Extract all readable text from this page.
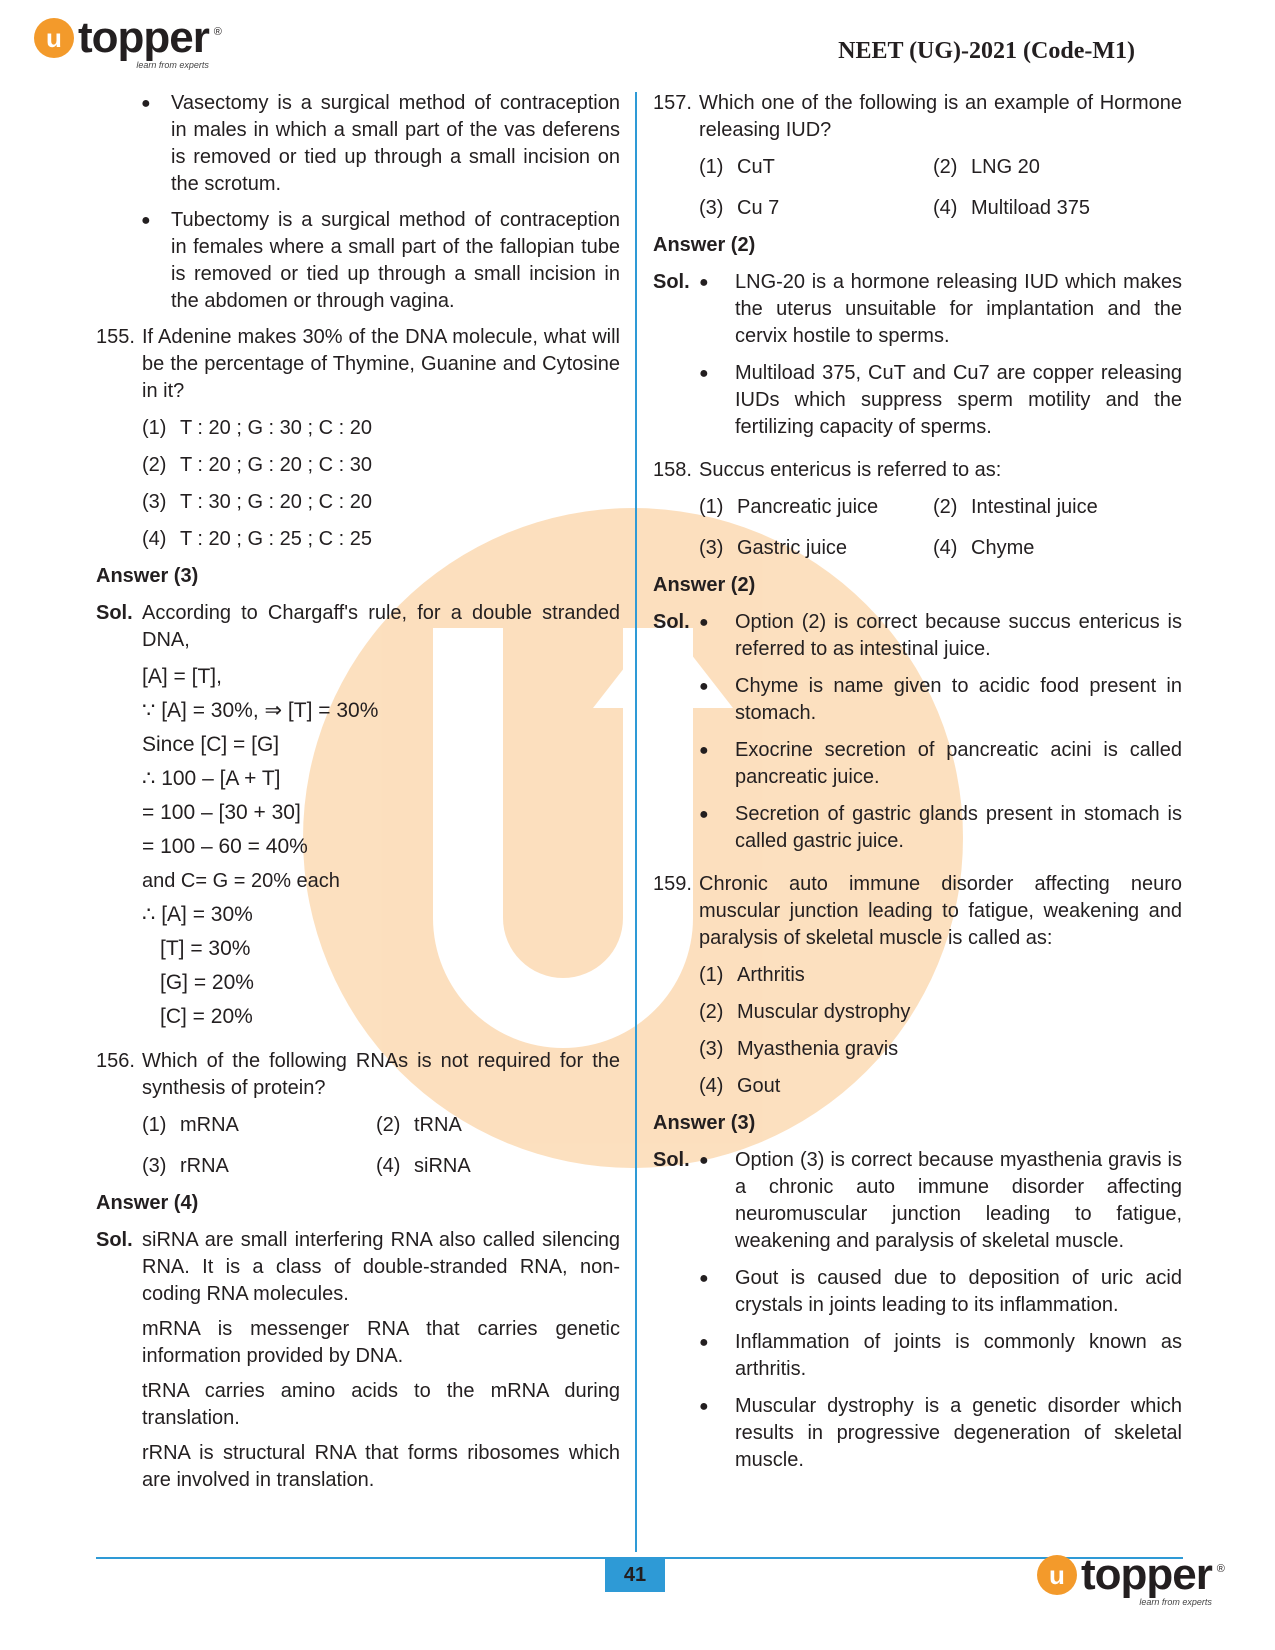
u topper ®
learn from experts
NEET (UG)-2021 (Code-M1)
●	Vasectomy is a surgical method of contraception in males in which a small part of the vas deferens is removed or tied up through a small incision on the scrotum.
●	Tubectomy is a surgical method of contraception in females where a small part of the fallopian tube is removed or tied up through a small incision in the abdomen or through vagina.
155. If Adenine makes 30% of the DNA molecule, what will be the percentage of Thymine, Guanine and Cytosine in it?
(1) T : 20 ; G : 30 ; C : 20
(2) T : 20 ; G : 20 ; C : 30
(3) T : 30 ; G : 20 ; C : 20
(4) T : 20 ; G : 25 ; C : 25
Answer (3)
Sol. According to Chargaff's rule, for a double stranded DNA,
[A] = [T],
∵ [A] = 30%, ⇒ [T] = 30%
Since [C] = [G]
∴ 100 – [A + T]
= 100 – [30 + 30]
= 100 – 60 = 40%
and C= G = 20% each
∴ [A] = 30%
[T] = 30%
[G] = 20%
[C] = 20%
156. Which of the following RNAs is not required for the synthesis of protein?
(1) mRNA	(2) tRNA
(3) rRNA	(4) siRNA
Answer (4)
Sol. siRNA are small interfering RNA also called silencing RNA. It is a class of double-stranded RNA, non-coding RNA molecules.
mRNA is messenger RNA that carries genetic information provided by DNA.
tRNA carries amino acids to the mRNA during translation.
rRNA is structural RNA that forms ribosomes which are involved in translation.
157. Which one of the following is an example of Hormone releasing IUD?
(1) CuT	(2) LNG 20
(3) Cu 7	(4) Multiload 375
Answer (2)
Sol. ●	LNG-20 is a hormone releasing IUD which makes the uterus unsuitable for implantation and the cervix hostile to sperms.
●	Multiload 375, CuT and Cu7 are copper releasing IUDs which suppress sperm motility and the fertilizing capacity of sperms.
158. Succus entericus is referred to as:
(1) Pancreatic juice	(2) Intestinal juice
(3) Gastric juice	(4) Chyme
Answer (2)
Sol. ●	Option (2) is correct because succus entericus is referred to as intestinal juice.
●	Chyme is name given to acidic food present in stomach.
●	Exocrine secretion of pancreatic acini is called pancreatic juice.
●	Secretion of gastric glands present in stomach is called gastric juice.
159. Chronic auto immune disorder affecting neuro muscular junction leading to fatigue, weakening and paralysis of skeletal muscle is called as:
(1) Arthritis
(2) Muscular dystrophy
(3) Myasthenia gravis
(4) Gout
Answer (3)
Sol. ●	Option (3) is correct because myasthenia gravis is a chronic auto immune disorder affecting neuromuscular junction leading to fatigue, weakening and paralysis of skeletal muscle.
●	Gout is caused due to deposition of uric acid crystals in joints leading to its inflammation.
●	Inflammation of joints is commonly known as arthritis.
●	Muscular dystrophy is a genetic disorder which results in progressive degeneration of skeletal muscle.
41	u topper ®
learn from experts
